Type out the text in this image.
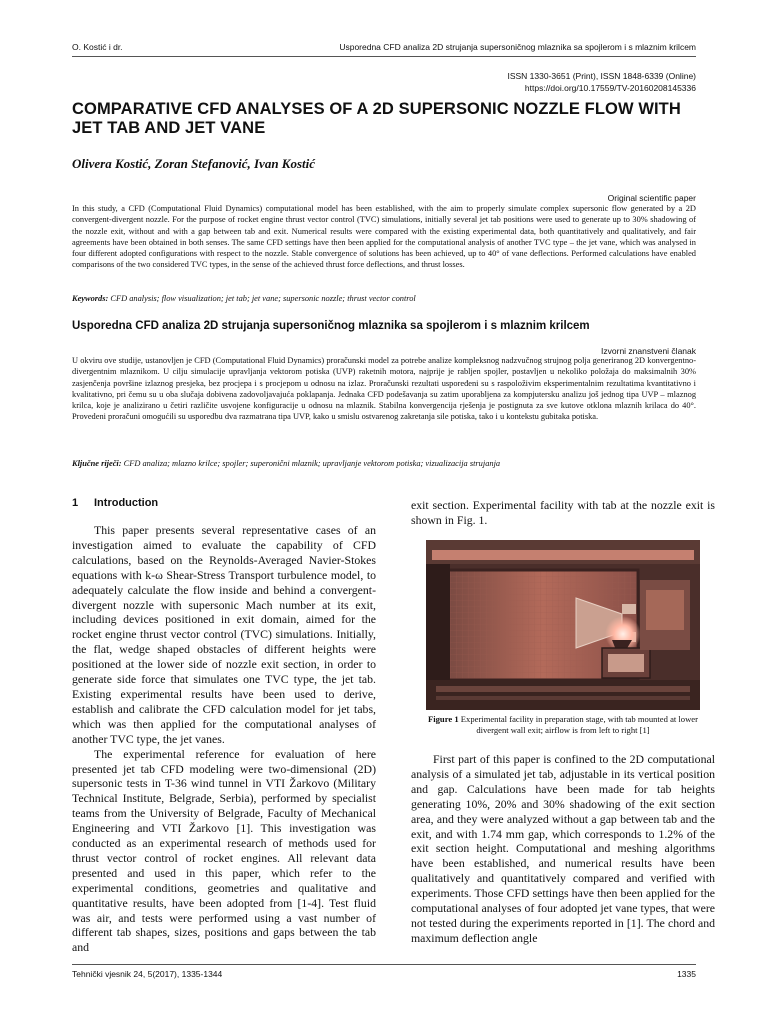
O. Kostić i dr.	Usporedna CFD analiza 2D strujanja supersoničnog mlaznika sa spojlerom i s mlaznim krilcem
ISSN 1330-3651 (Print), ISSN 1848-6339 (Online)
https://doi.org/10.17559/TV-20160208145336
COMPARATIVE CFD ANALYSES OF A 2D SUPERSONIC NOZZLE FLOW WITH JET TAB AND JET VANE
Olivera Kostić, Zoran Stefanović, Ivan Kostić
Original scientific paper

In this study, a CFD (Computational Fluid Dynamics) computational model has been established, with the aim to properly simulate complex supersonic flow generated by a 2D convergent-divergent nozzle. For the purpose of rocket engine thrust vector control (TVC) simulations, initially several jet tab positions were used to generate up to 30% shadowing of the nozzle exit, without and with a gap between tab and exit. Numerical results were compared with the existing experimental data, both quantitatively and qualitatively, and fair agreements have been obtained in both senses. The same CFD settings have then been applied for the computational analysis of another TVC type – the jet vane, which was analysed in four different adopted configurations with respect to the nozzle. Stable convergence of solutions has been achieved, up to 40° of vane deflections. Performed calculations have enabled comparisons of the two considered TVC types, in the sense of the achieved thrust force deflections, and thrust losses.

Keywords: CFD analysis; flow visualization; jet tab; jet vane; supersonic nozzle; thrust vector control
Usporedna CFD analiza 2D strujanja supersoničnog mlaznika sa spojlerom i s mlaznim krilcem
Izvorni znanstveni članak

U okviru ove studije, ustanovljen je CFD (Computational Fluid Dynamics) proračunski model za potrebe analize kompleksnog nadzvučnog strujnog polja generiranog 2D konvergentno-divergentnim mlaznikom. U cilju simulacije upravljanja vektorom potiska (UVP) raketnih motora, najprije je rabljen spojler, postavljen u nekoliko položaja do maksimalnih 30% zasjenčenja površine izlaznog presjeka, bez procjepa i s procjepom u odnosu na izlaz. Proračunski rezultati uspoređeni su s raspoloživim eksperimentalnim rezultatima kvantitativno i kvalitativno, pri čemu su u oba slučaja dobivena zadovoljavajuća poklapanja. Jednaka CFD podešavanja su zatim uporabljena za kompjutersku analizu još jednog tipa UVP – mlaznog krilca, koje je analizirano u četiri različite usvojene konfiguracije u odnosu na mlaznik. Stabilna konvergencija rješenja je postignuta za sve kutove otklona mlaznih krilaca do 40°. Provedeni proračuni omogućili su usporedbu dva razmatrana tipa UVP, kako u smislu ostvarenog zakretanja sile potiska, tako i u kontekstu gubitaka potiska.

Ključne riječi: CFD analiza; mlazno krilce; spojler; superonični mlaznik; upravljanje vektorom potiska; vizualizacija strujanja
1 Introduction

This paper presents several representative cases of an investigation aimed to evaluate the capability of CFD calculations, based on the Reynolds-Averaged Navier-Stokes equations with k-ω Shear-Stress Transport turbulence model, to adequately calculate the flow inside and behind a convergent-divergent nozzle with supersonic Mach number at its exit, including devices positioned in exit domain, aimed for the rocket engine thrust vector control (TVC) simulations. Initially, the flat, wedge shaped obstacles of different heights were positioned at the lower side of nozzle exit section, in order to generate side force that simulates one TVC type, the jet tab. Existing experimental results have been used to derive, establish and calibrate the CFD calculation model for jet tabs, which was then applied for the computational analyses of another TVC type, the jet vanes.

The experimental reference for evaluation of here presented jet tab CFD modeling were two-dimensional (2D) supersonic tests in T-36 wind tunnel in VTI Žarkovo (Military Technical Institute, Belgrade, Serbia), performed by specialist teams from the University of Belgrade, Faculty of Mechanical Engineering and VTI Žarkovo [1]. This investigation was conducted as an experimental research of methods used for thrust vector control of rocket engines. All relevant data presented and used in this paper, which refer to the experimental conditions, geometries and qualitative and quantitative results, have been adopted from [1-4]. Test fluid was air, and tests were performed using a vast number of different tab shapes, sizes, positions and gaps between the tab and

exit section. Experimental facility with tab at the nozzle exit is shown in Fig. 1.

Figure 1 Experimental facility in preparation stage, with tab mounted at lower divergent wall exit; airflow is from left to right [1]

First part of this paper is confined to the 2D computational analysis of a simulated jet tab, adjustable in its vertical position and gap. Calculations have been made for tab heights generating 10%, 20% and 30% shadowing of the exit section area, and they were analyzed without a gap between tab and the exit, and with 1.74 mm gap, which corresponds to 1.2% of the exit section height. Computational and meshing algorithms have been established, and numerical results have been qualitatively and quantitatively compared and verified with experiments. Those CFD settings have then been applied for the computational analyses of four adopted jet vane types, that were not tested during the experiments reported in [1]. The chord and maximum deflection angle

Tehnički vjesnik 24, 5(2017), 1335-1344	1335
